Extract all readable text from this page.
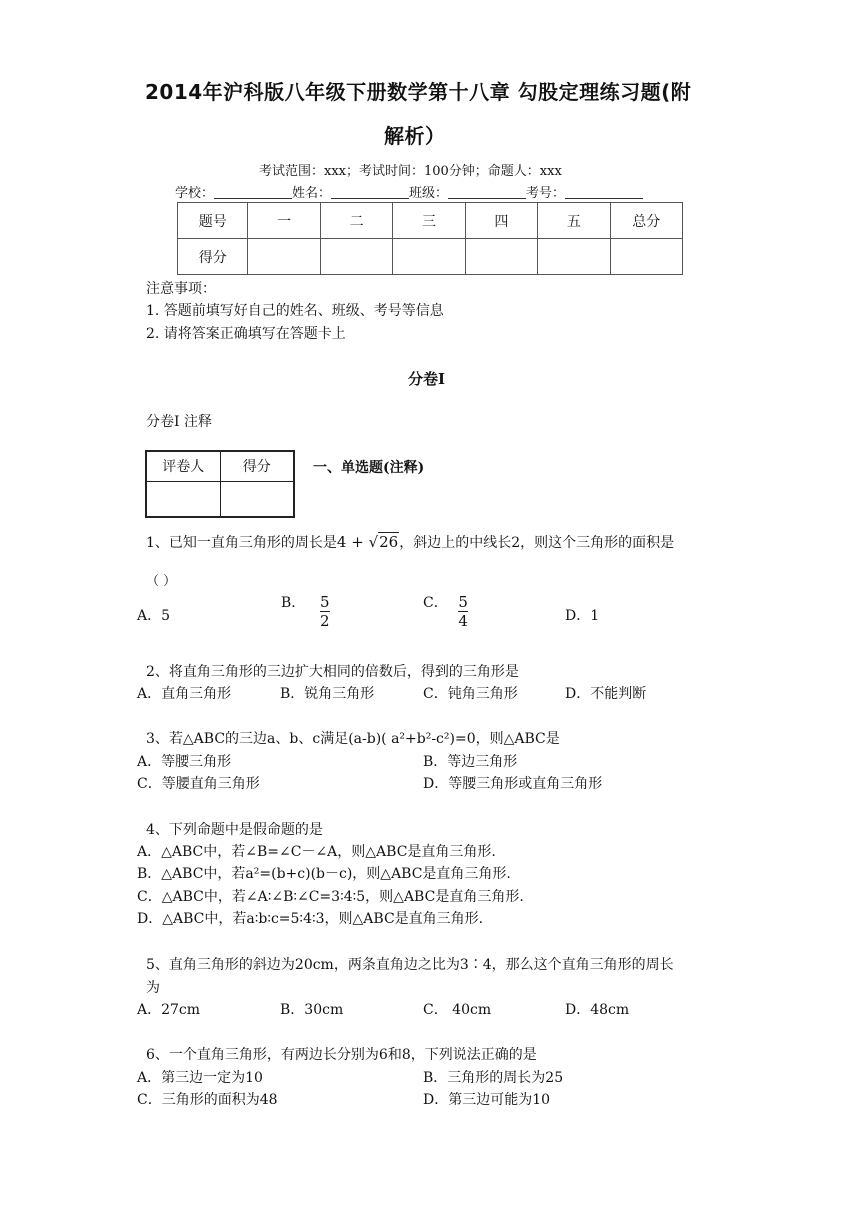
2014年沪科版八年级下册数学第十八章 勾股定理练习题(附
解析）
考试范围：xxx；考试时间：100分钟；命题人：xxx
学校：	姓名：	班级：	考号：
题号	一	二	三	四	五	总分
得分						
注意事项：
1. 答题前填写好自己的姓名、班级、考号等信息
2. 请将答案正确填写在答题卡上
分卷I
分卷I 注释
评卷人	得分
		一、单选题(注释)
1、已知一直角三角形的周长是4 + √26，斜边上的中线长2，则这个三角形的面积是
（ ）
A．5
B． $\frac{5}{2}$	C． $\frac{5}{4}$	D．1
2、将直角三角形的三边扩大相同的倍数后，得到的三角形是
A．直角三角形	B．锐角三角形	C．钝角三角形	D．不能判断
3、若△ABC的三边a、b、c满足(a-b)( a²+b²-c²)=0，则△ABC是
A．等腰三角形	B．等边三角形
C．等腰直角三角形	D．等腰三角形或直角三角形
4、下列命题中是假命题的是
A．△ABC中，若∠B=∠C－∠A，则△ABC是直角三角形.
B．△ABC中，若a²=(b+c)(b－c)，则△ABC是直角三角形.
C．△ABC中，若∠A∶∠B∶∠C=3∶4∶5，则△ABC是直角三角形.
D．△ABC中，若a∶b∶c=5∶4∶3，则△ABC是直角三角形.
5、直角三角形的斜边为20cm，两条直角边之比为3∶4，那么这个直角三角形的周长
为
A．27cm	B．30cm	C． 40cm	D．48cm
6、一个直角三角形，有两边长分别为6和8，下列说法正确的是
A．第三边一定为10	B．三角形的周长为25
C．三角形的面积为48	D．第三边可能为10
